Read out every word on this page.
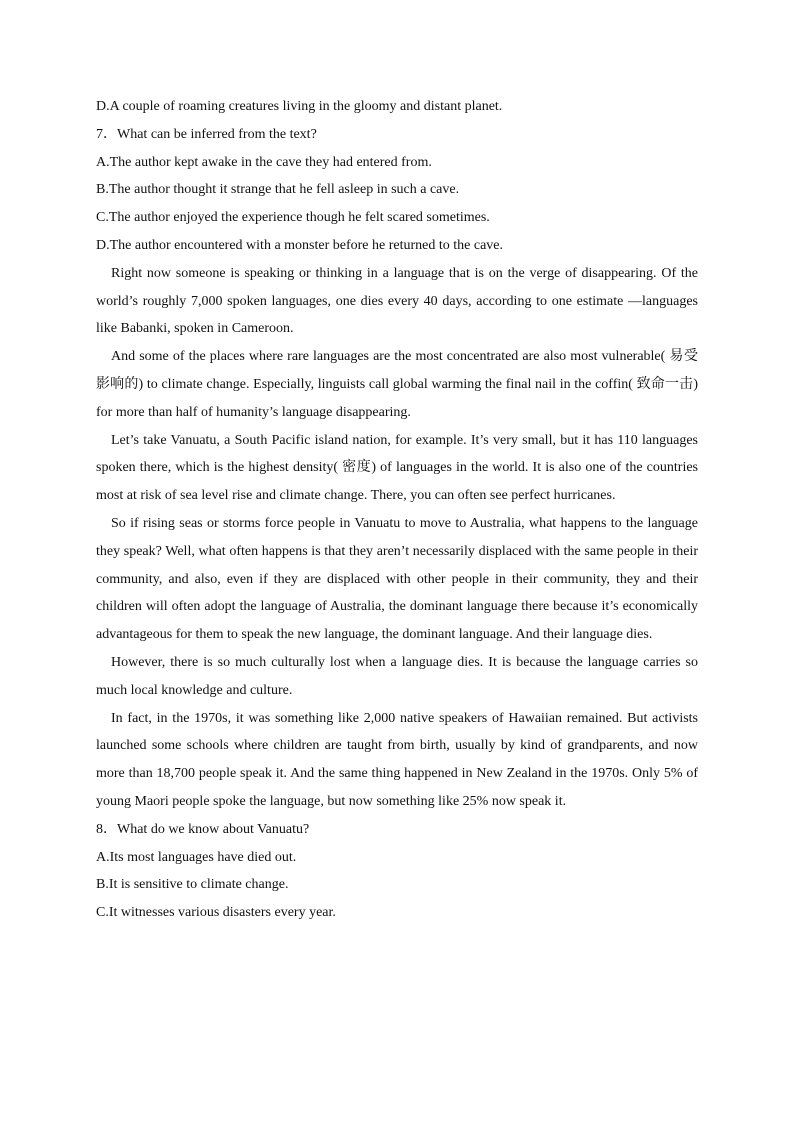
D.A couple of roaming creatures living in the gloomy and distant planet.

7．What can be inferred from the text?

A.The author kept awake in the cave they had entered from.

B.The author thought it strange that he fell asleep in such a cave.

C.The author enjoyed the experience though he felt scared sometimes.

D.The author encountered with a monster before he returned to the cave.

Right now someone is speaking or thinking in a language that is on the verge of disappearing. Of the world’s roughly 7,000 spoken languages, one dies every 40 days, according to one estimate —languages like Babanki, spoken in Cameroon.

And some of the places where rare languages are the most concentrated are also most vulnerable( 易受影响的) to climate change. Especially, linguists call global warming the final nail in the coffin( 致命一击) for more than half of humanity’s language disappearing.

Let’s take Vanuatu, a South Pacific island nation, for example. It’s very small, but it has 110 languages spoken there, which is the highest density( 密度) of languages in the world. It is also one of the countries most at risk of sea level rise and climate change. There, you can often see perfect hurricanes.

So if rising seas or storms force people in Vanuatu to move to Australia, what happens to the language they speak? Well, what often happens is that they aren’t necessarily displaced with the same people in their community, and also, even if they are displaced with other people in their community, they and their children will often adopt the language of Australia, the dominant language there because it’s economically advantageous for them to speak the new language, the dominant language. And their language dies.

However, there is so much culturally lost when a language dies. It is because the language carries so much local knowledge and culture.

In fact, in the 1970s, it was something like 2,000 native speakers of Hawaiian remained. But activists launched some schools where children are taught from birth, usually by kind of grandparents, and now more than 18,700 people speak it. And the same thing happened in New Zealand in the 1970s. Only 5% of young Maori people spoke the language, but now something like 25% now speak it.

8．What do we know about Vanuatu?

A.Its most languages have died out.

B.It is sensitive to climate change.

C.It witnesses various disasters every year.
